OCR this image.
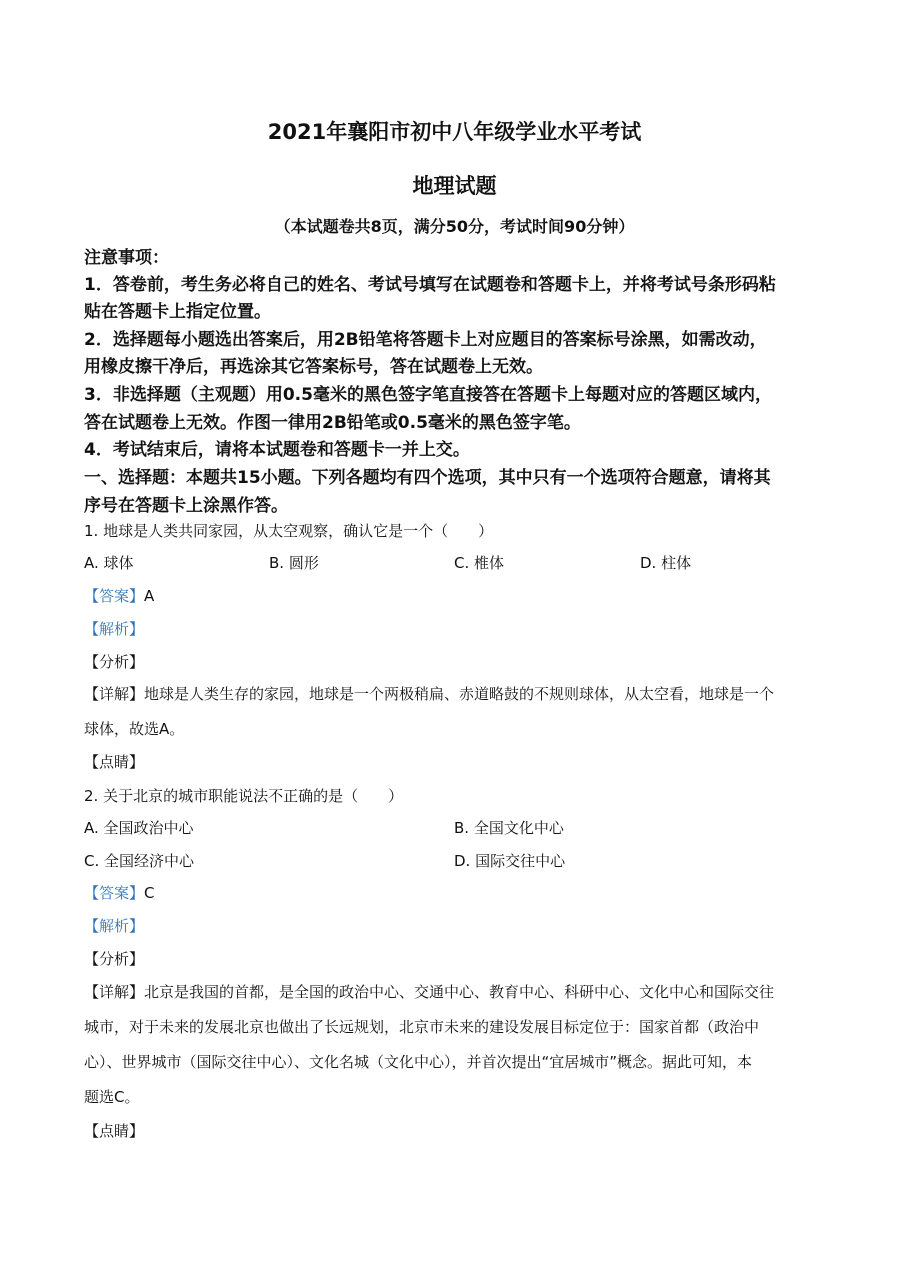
2021年襄阳市初中八年级学业水平考试
地理试题
（本试题卷共8页，满分50分，考试时间90分钟）
注意事项：
1．答卷前，考生务必将自己的姓名、考试号填写在试题卷和答题卡上，并将考试号条形码粘
贴在答题卡上指定位置。
2．选择题每小题选出答案后，用2B铅笔将答题卡上对应题目的答案标号涂黑，如需改动，
用橡皮擦干净后，再选涂其它答案标号，答在试题卷上无效。
3．非选择题（主观题）用0.5毫米的黑色签字笔直接答在答题卡上每题对应的答题区域内，
答在试题卷上无效。作图一律用2B铅笔或0.5毫米的黑色签字笔。
4．考试结束后，请将本试题卷和答题卡一并上交。
一、选择题：本题共15小题。下列各题均有四个选项，其中只有一个选项符合题意，请将其
序号在答题卡上涂黑作答。
1. 地球是人类共同家园，从太空观察，确认它是一个（　　）
A. 球体	B. 圆形	C. 椎体	D. 柱体
【答案】A
【解析】
【分析】
【详解】地球是人类生存的家园，地球是一个两极稍扁、赤道略鼓的不规则球体，从太空看，地球是一个
球体，故选A。
【点睛】
2. 关于北京的城市职能说法不正确的是（　　）
A. 全国政治中心	B. 全国文化中心
C. 全国经济中心	D. 国际交往中心
【答案】C
【解析】
【分析】
【详解】北京是我国的首都，是全国的政治中心、交通中心、教育中心、科研中心、文化中心和国际交往
城市，对于未来的发展北京也做出了长远规划，北京市未来的建设发展目标定位于：国家首都（政治中
心）、世界城市（国际交往中心）、文化名城（文化中心），并首次提出“宜居城市”概念。据此可知，本
题选C。
【点睛】
